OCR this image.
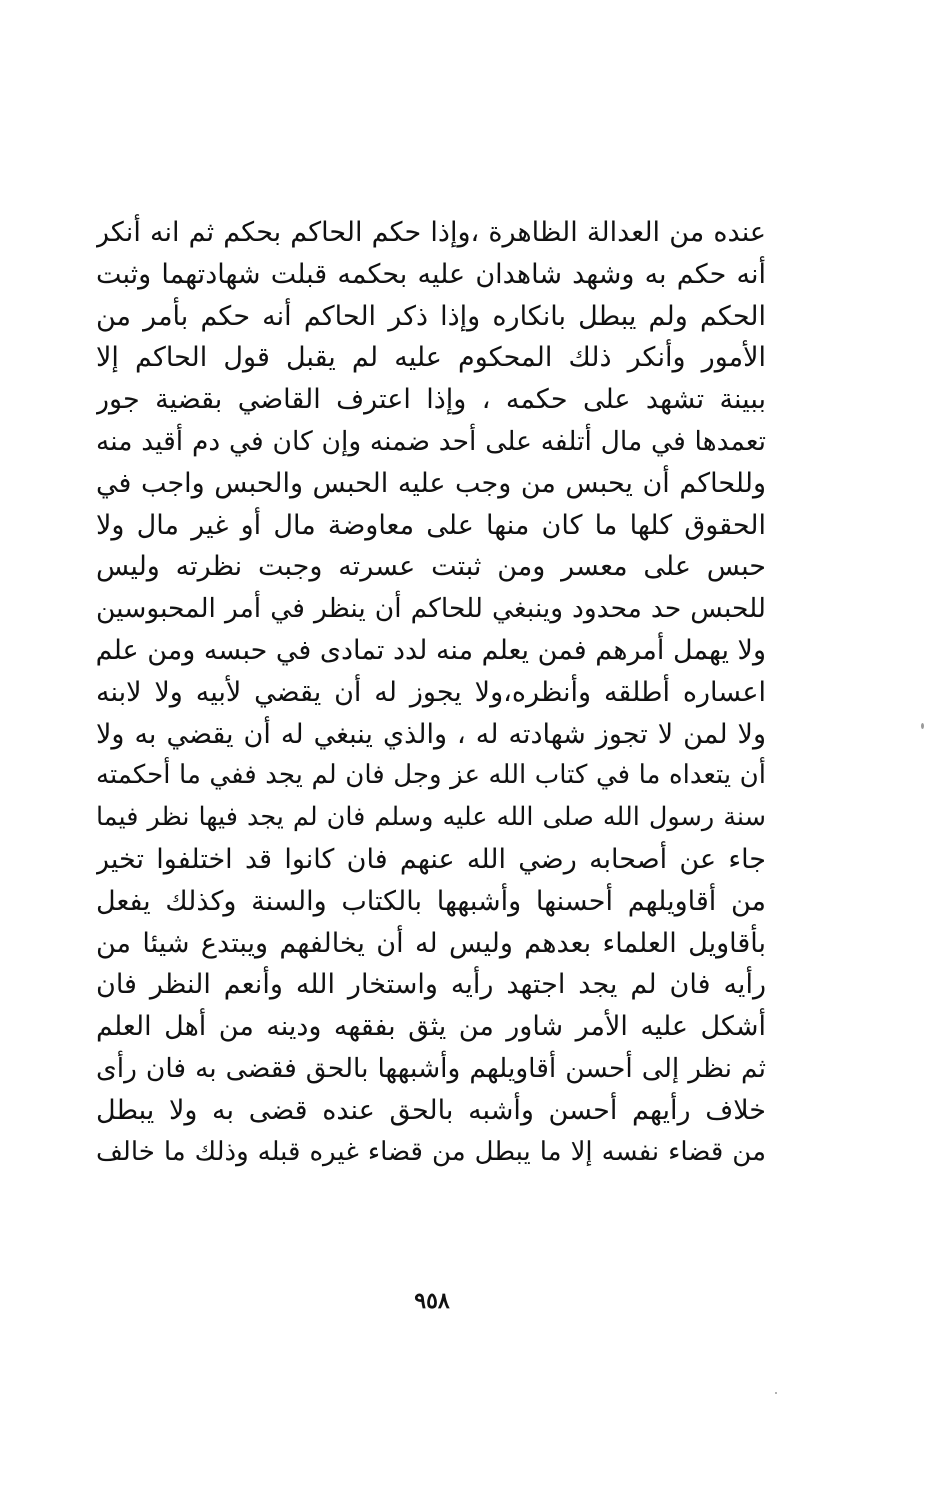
عنده من العدالة الظاهرة ،وإذا حكم الحاكم بحكم ثم انه أنكر
أنه حكم به وشهد شاهدان عليه بحكمه قبلت شهادتهما وثبت
الحكم ولم يبطل بانكاره وإذا ذكر الحاكم أنه حكم بأمر من
الأمور وأنكر ذلك المحكوم عليه لم يقبل قول الحاكم إلا
ببينة تشهد على حكمه ، وإذا اعترف القاضي بقضية جور
تعمدها في مال أتلفه على أحد ضمنه وإن كان في دم أقيد منه
وللحاكم أن يحبس من وجب عليه الحبس والحبس واجب في
الحقوق كلها ما كان منها على معاوضة مال أو غير مال ولا
حبس على معسر ومن ثبتت عسرته وجبت نظرته وليس
للحبس حد محدود وينبغي للحاكم أن ينظر في أمر المحبوسين
ولا يهمل أمرهم فمن يعلم منه لدد تمادى في حبسه ومن علم
اعساره أطلقه وأنظره،ولا يجوز له أن يقضي لأبيه ولا لابنه
ولا لمن لا تجوز شهادته له ، والذي ينبغي له أن يقضي به ولا
أن يتعداه ما في كتاب الله عز وجل فان لم يجد ففي ما أحكمته
سنة رسول الله صلى الله عليه وسلم فان لم يجد فيها نظر فيما
جاء عن أصحابه رضي الله عنهم فان كانوا قد اختلفوا تخير
من أقاويلهم أحسنها وأشبهها بالكتاب والسنة وكذلك يفعل
بأقاويل العلماء بعدهم وليس له أن يخالفهم ويبتدع شيئا من
رأيه فان لم يجد اجتهد رأيه واستخار الله وأنعم النظر فان
أشكل عليه الأمر شاور من يثق بفقهه ودينه من أهل العلم
ثم نظر إلى أحسن أقاويلهم وأشبهها بالحق فقضى به فان رأى
خلاف رأيهم أحسن وأشبه بالحق عنده قضى به ولا يبطل
من قضاء نفسه إلا ما يبطل من قضاء غيره قبله وذلك ما خالف
٩٥٨
